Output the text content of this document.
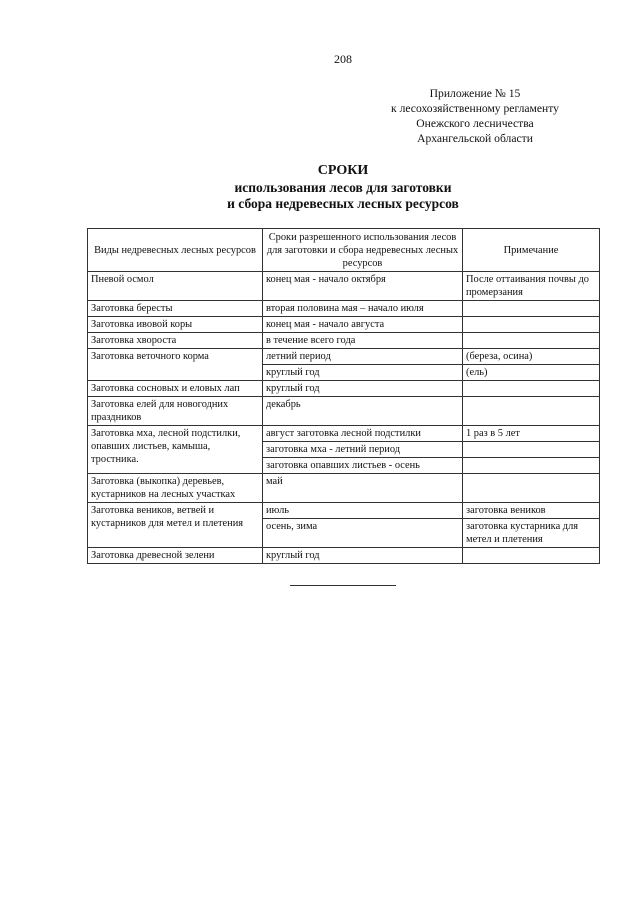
208
Приложение № 15
к лесохозяйственному регламенту
Онежского лесничества
Архангельской области
СРОКИ
использования лесов для заготовки
и сбора недревесных лесных ресурсов
Виды недревесных лесных ресурсов	Сроки разрешенного использования лесов для заготовки и сбора недревесных лесных ресурсов	Примечание
Пневой осмол	конец мая - начало октября	После оттаивания почвы до промерзания
Заготовка бересты	вторая половина мая – начало июля	
Заготовка ивовой коры	конец мая - начало августа	
Заготовка хвороста	в течение всего года	
Заготовка веточного корма	летний период	(береза, осина)
	круглый год	(ель)
Заготовка сосновых и еловых лап	круглый год	
Заготовка елей для новогодних праздников	декабрь	
Заготовка мха, лесной подстилки, опавших листьев, камыша, тростника.	август заготовка лесной подстилки	1 раз в 5 лет
	заготовка мха - летний период	
	заготовка опавших листьев - осень	
Заготовка (выкопка) деревьев, кустарников на лесных участках	май	
Заготовка веников, ветвей и кустарников для метел и плетения	июль	заготовка веников
	осень, зима	заготовка кустарника для метел и плетения
Заготовка древесной зелени	круглый год	
